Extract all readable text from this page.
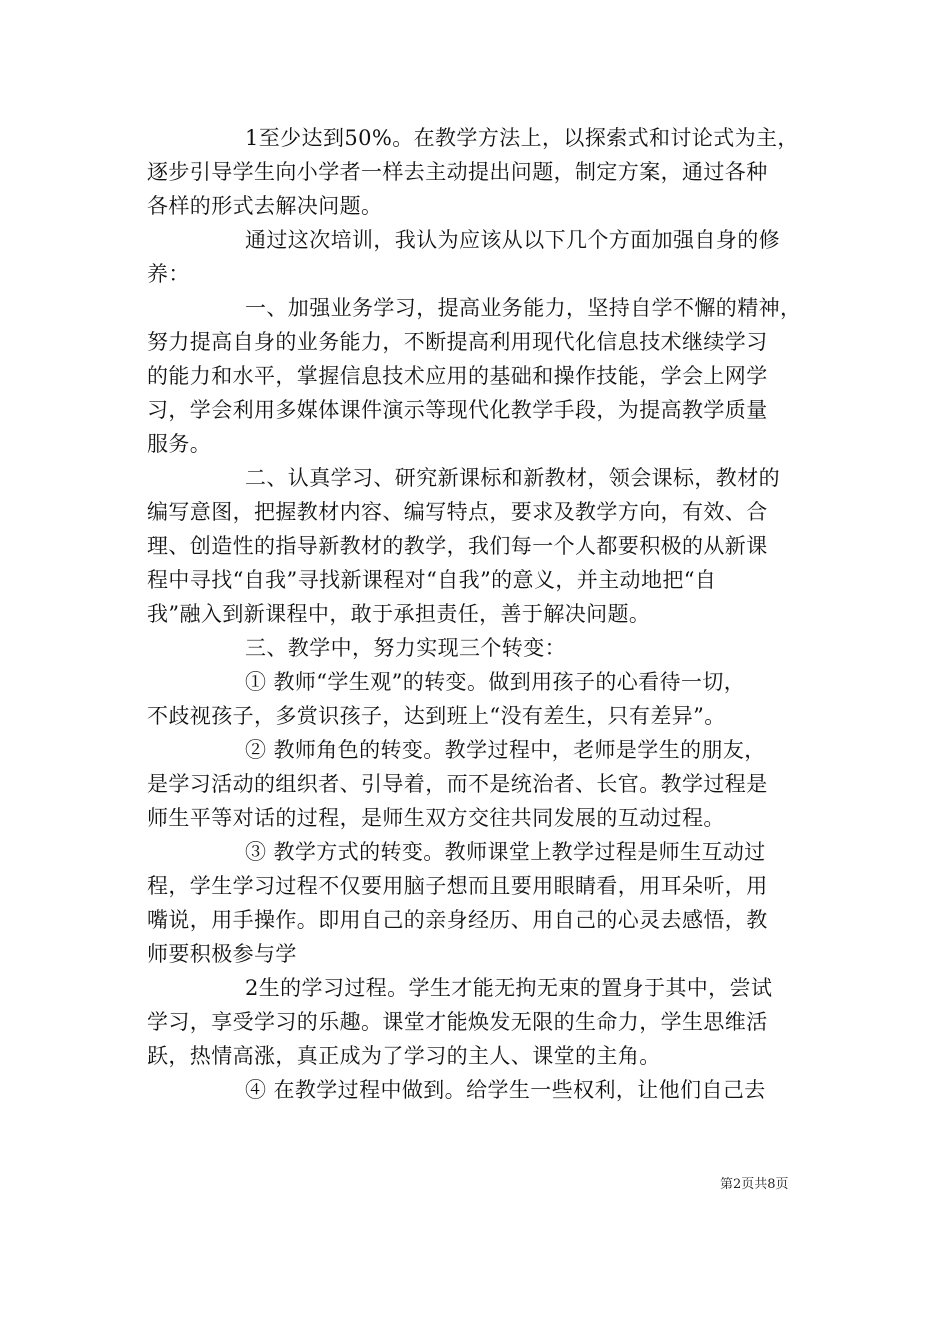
1至少达到50%。在教学方法上，以探索式和讨论式为主，
逐步引导学生向小学者一样去主动提出问题，制定方案，通过各种
各样的形式去解决问题。
通过这次培训，我认为应该从以下几个方面加强自身的修
养：
一、加强业务学习，提高业务能力，坚持自学不懈的精神，
努力提高自身的业务能力，不断提高利用现代化信息技术继续学习
的能力和水平，掌握信息技术应用的基础和操作技能，学会上网学
习，学会利用多媒体课件演示等现代化教学手段，为提高教学质量
服务。
二、认真学习、研究新课标和新教材，领会课标，教材的
编写意图，把握教材内容、编写特点，要求及教学方向，有效、合
理、创造性的指导新教材的教学，我们每一个人都要积极的从新课
程中寻找“自我”寻找新课程对“自我”的意义，并主动地把“自
我”融入到新课程中，敢于承担责任，善于解决问题。
三、教学中，努力实现三个转变：
① 教师“学生观”的转变。做到用孩子的心看待一切，
不歧视孩子，多赏识孩子，达到班上“没有差生，只有差异”。
② 教师角色的转变。教学过程中，老师是学生的朋友，
是学习活动的组织者、引导着，而不是统治者、长官。教学过程是
师生平等对话的过程，是师生双方交往共同发展的互动过程。
③ 教学方式的转变。教师课堂上教学过程是师生互动过
程，学生学习过程不仅要用脑子想而且要用眼睛看，用耳朵听，用
嘴说，用手操作。即用自己的亲身经历、用自己的心灵去感悟，教
师要积极参与学
2生的学习过程。学生才能无拘无束的置身于其中，尝试
学习，享受学习的乐趣。课堂才能焕发无限的生命力，学生思维活
跃，热情高涨，真正成为了学习的主人、课堂的主角。
④ 在教学过程中做到。给学生一些权利，让他们自己去
第2页共8页
